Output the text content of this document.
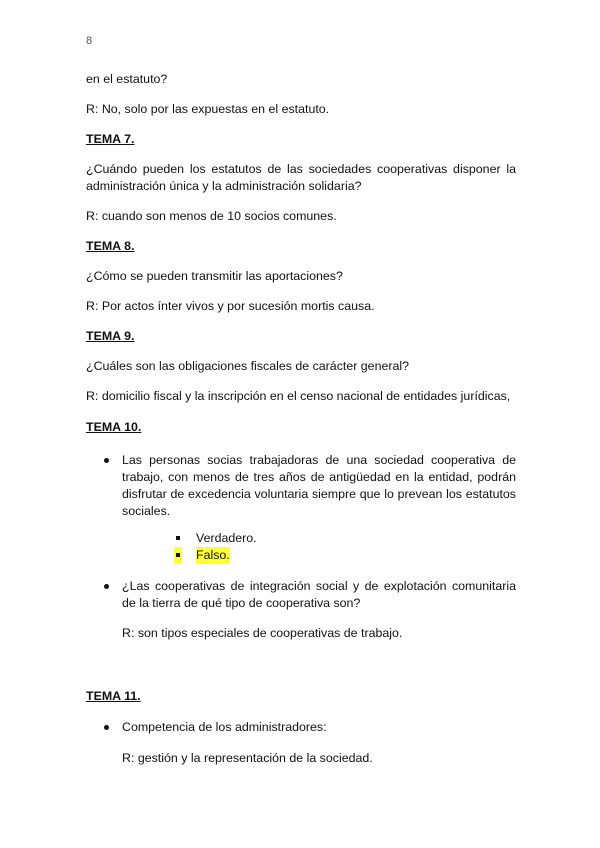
8
en el estatuto?
R: No, solo por las expuestas en el estatuto.
TEMA 7.
¿Cuándo pueden los estatutos de las sociedades cooperativas disponer la administración única y la administración solidaria?
R: cuando son menos de 10 socios comunes.
TEMA 8.
¿Cómo se pueden transmitir las aportaciones?
R: Por actos ínter vivos y por sucesión mortis causa.
TEMA 9.
¿Cuáles son las obligaciones fiscales de carácter general?
R: domicilio fiscal y la inscripción en el censo nacional de entidades jurídicas,
TEMA 10.
Las personas socias trabajadoras de una sociedad cooperativa de trabajo, con menos de tres años de antigüedad en la entidad, podrán disfrutar de excedencia voluntaria siempre que lo prevean los estatutos sociales.
Verdadero.
Falso.
¿Las cooperativas de integración social y de explotación comunitaria de la tierra de qué tipo de cooperativa son?
R: son tipos especiales de cooperativas de trabajo.
TEMA 11.
Competencia de los administradores:
R: gestión y la representación de la sociedad.
